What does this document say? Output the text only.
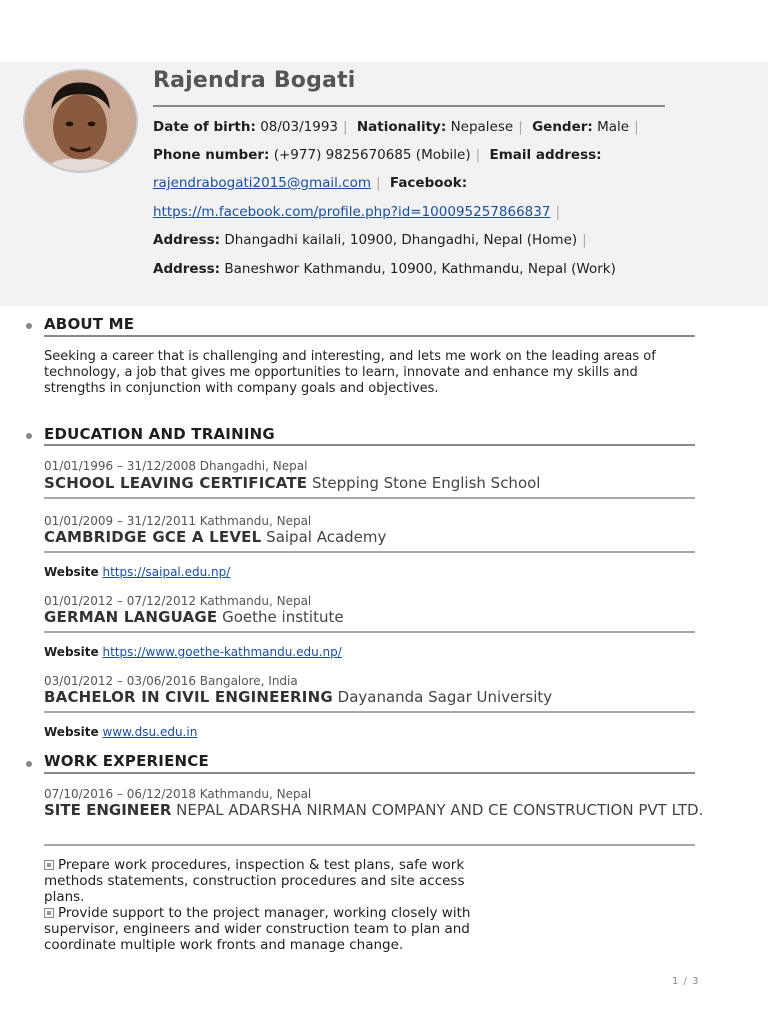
Rajendra Bogati
Date of birth: 08/03/1993 | Nationality: Nepalese | Gender: Male |
Phone number: (+977) 9825670685 (Mobile) | Email address:
rajendrabogati2015@gmail.com | Facebook:
https://m.facebook.com/profile.php?id=100095257866837 |
Address: Dhangadhi kailali, 10900, Dhangadhi, Nepal (Home) |
Address: Baneshwor Kathmandu, 10900, Kathmandu, Nepal (Work)
ABOUT ME
Seeking a career that is challenging and interesting, and lets me work on the leading areas of technology, a job that gives me opportunities to learn, innovate and enhance my skills and strengths in conjunction with company goals and objectives.
EDUCATION AND TRAINING
01/01/1996 – 31/12/2008 Dhangadhi, Nepal
SCHOOL LEAVING CERTIFICATE Stepping Stone English School
01/01/2009 – 31/12/2011 Kathmandu, Nepal
CAMBRIDGE GCE A LEVEL Saipal Academy
Website https://saipal.edu.np/
01/01/2012 – 07/12/2012 Kathmandu, Nepal
GERMAN LANGUAGE Goethe institute
Website https://www.goethe-kathmandu.edu.np/
03/01/2012 – 03/06/2016 Bangalore, India
BACHELOR IN CIVIL ENGINEERING Dayananda Sagar University
Website www.dsu.edu.in
WORK EXPERIENCE
07/10/2016 – 06/12/2018 Kathmandu, Nepal
SITE ENGINEER NEPAL ADARSHA NIRMAN COMPANY AND CE CONSTRUCTION PVT LTD.
Prepare work procedures, inspection & test plans, safe work methods statements, construction procedures and site access plans.
Provide support to the project manager, working closely with supervisor, engineers and wider construction team to plan and coordinate multiple work fronts and manage change.
1 / 3
